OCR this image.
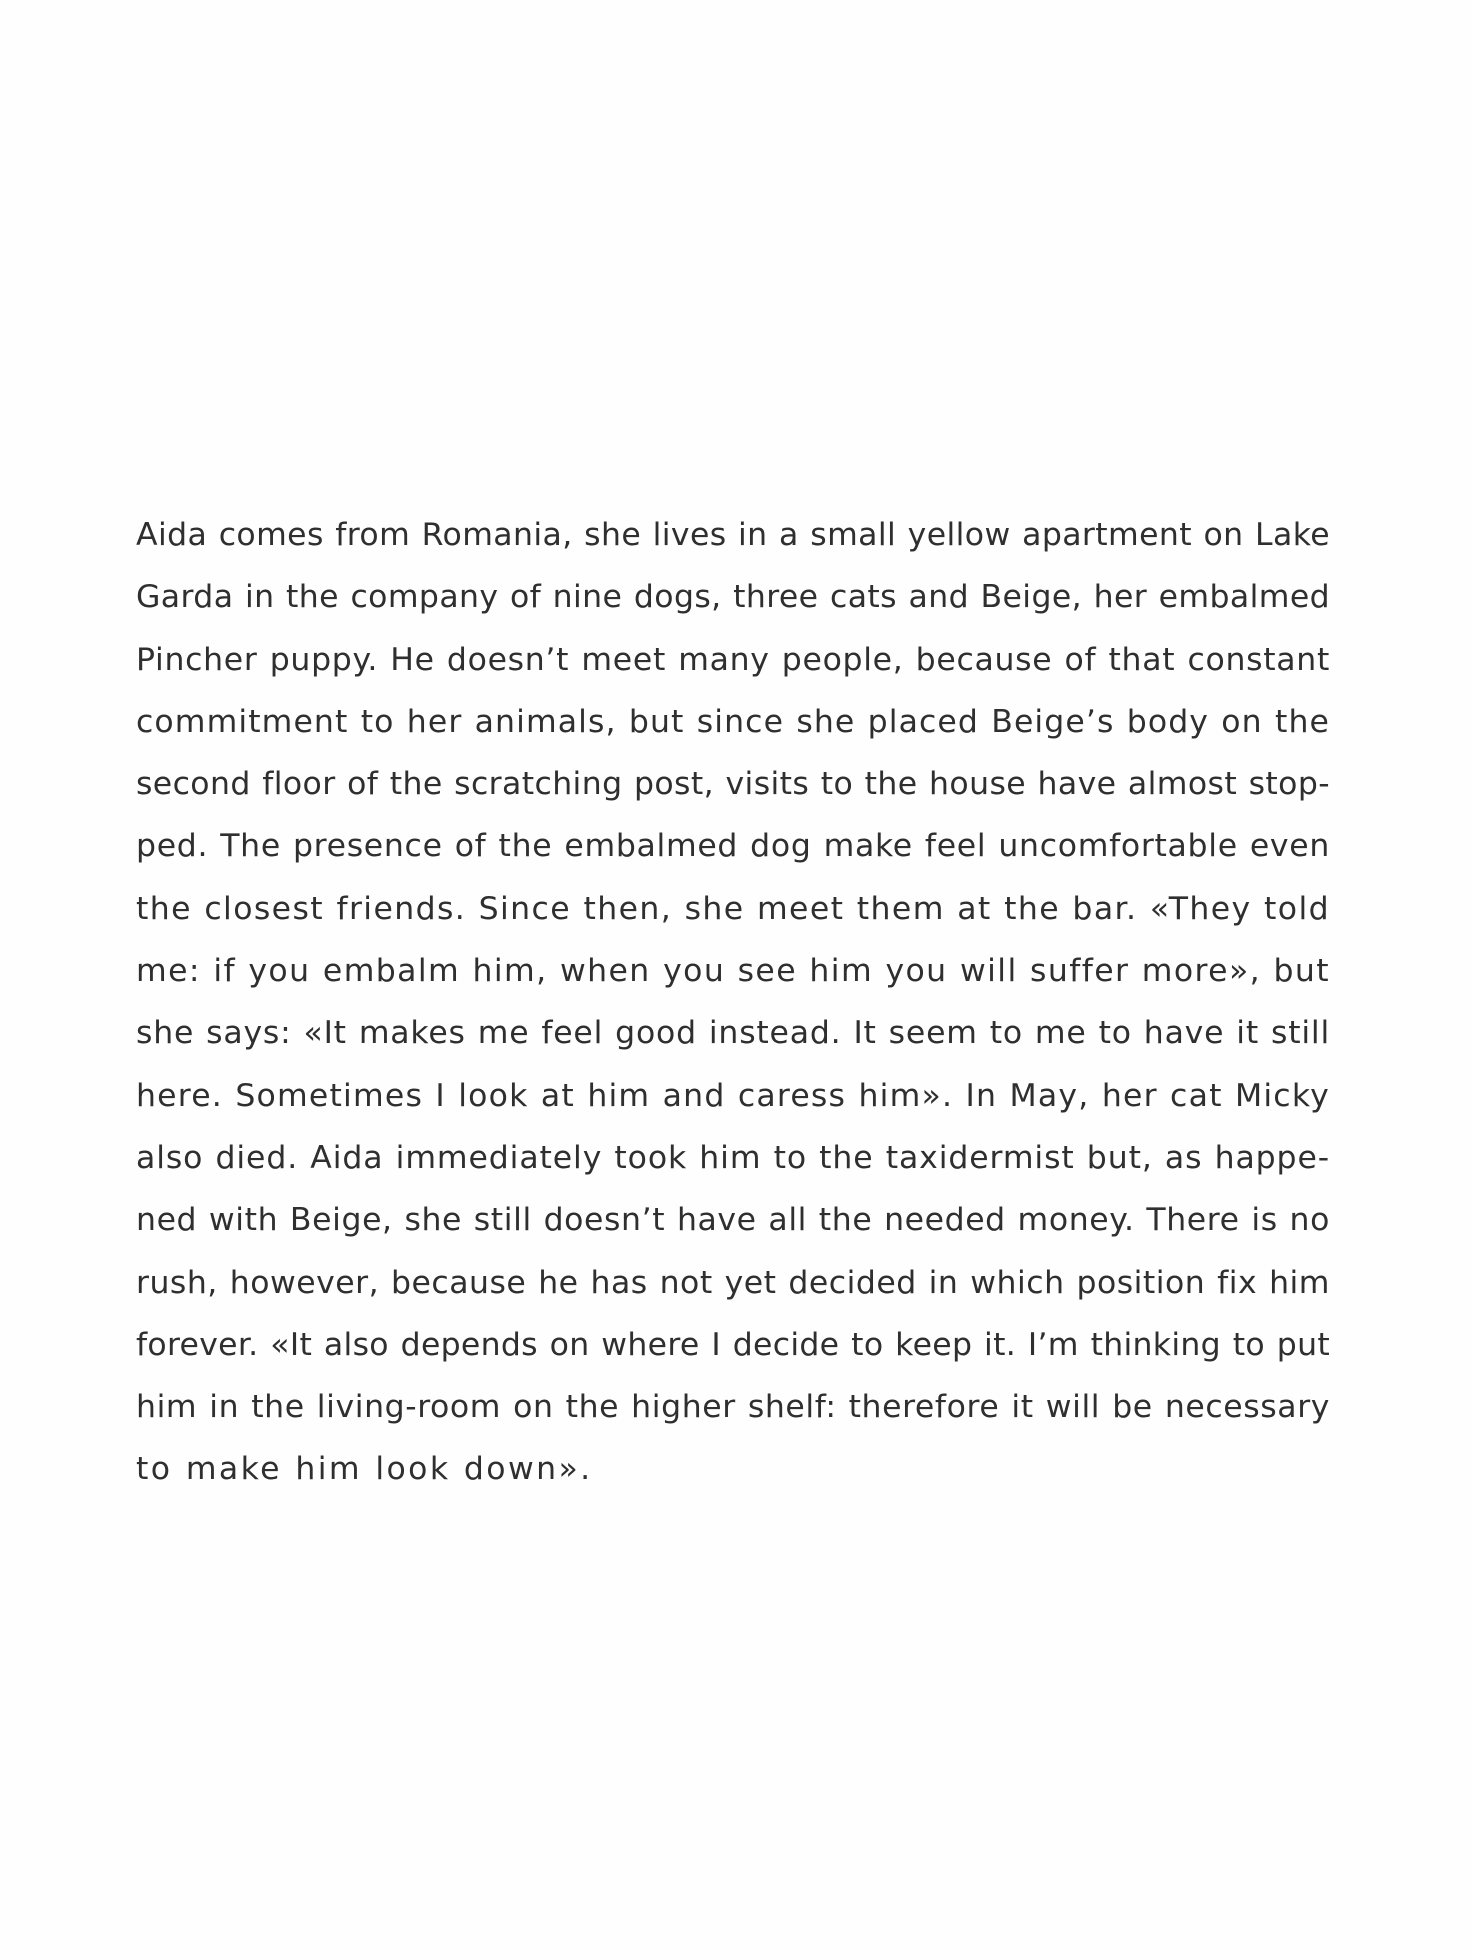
Aida comes from Romania, she lives in a small yellow apartment on Lake
Garda in the company of nine dogs, three cats and Beige, her embalmed
Pincher puppy. He doesn’t meet many people, because of that constant
commitment to her animals, but since she placed Beige’s body on the
second floor of the scratching post, visits to the house have almost stop-
ped. The presence of the embalmed dog make feel uncomfortable even
the closest friends. Since then, she meet them at the bar. «They told
me: if you embalm him, when you see him you will suffer more», but
she says: «It makes me feel good instead. It seem to me to have it still
here. Sometimes I look at him and caress him». In May, her cat Micky
also died. Aida immediately took him to the taxidermist but, as happe-
ned with Beige, she still doesn’t have all the needed money. There is no
rush, however, because he has not yet decided in which position fix him
forever. «It also depends on where I decide to keep it. I’m thinking to put
him in the living-room on the higher shelf: therefore it will be necessary
to make him look down».
